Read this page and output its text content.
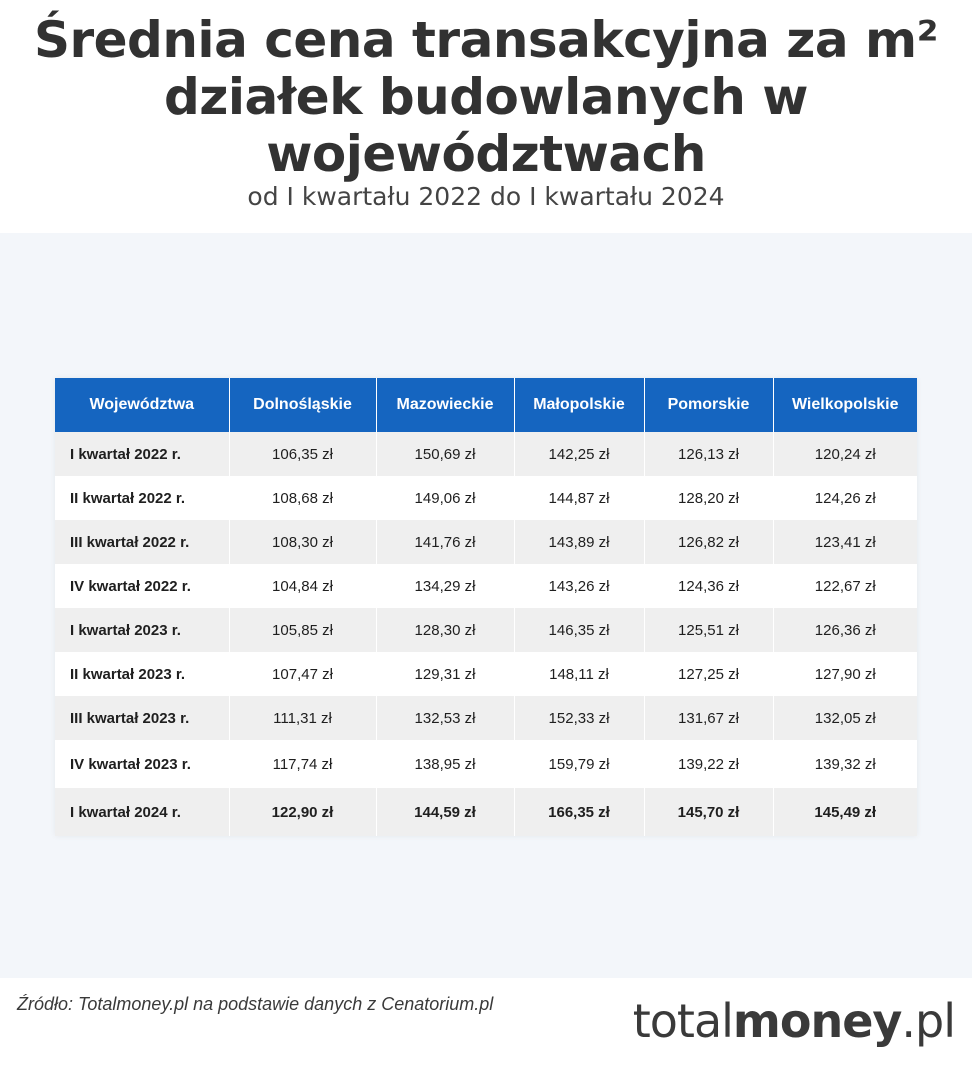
Średnia cena transakcyjna za m² działek budowlanych w województwach
od I kwartału 2022 do I kwartału 2024
Województwa	Dolnośląskie	Mazowieckie	Małopolskie	Pomorskie	Wielkopolskie
I kwartał 2022 r.	106,35 zł	150,69 zł	142,25 zł	126,13 zł	120,24 zł
II kwartał 2022 r.	108,68 zł	149,06 zł	144,87 zł	128,20 zł	124,26 zł
III kwartał 2022 r.	108,30 zł	141,76 zł	143,89 zł	126,82 zł	123,41 zł
IV kwartał 2022 r.	104,84 zł	134,29 zł	143,26 zł	124,36 zł	122,67 zł
I kwartał 2023 r.	105,85 zł	128,30 zł	146,35 zł	125,51 zł	126,36 zł
II kwartał 2023 r.	107,47 zł	129,31 zł	148,11 zł	127,25 zł	127,90 zł
III kwartał 2023 r.	111,31 zł	132,53 zł	152,33 zł	131,67 zł	132,05 zł
IV kwartał 2023 r.	117,74 zł	138,95 zł	159,79 zł	139,22 zł	139,32 zł
I kwartał 2024 r.	122,90 zł	144,59 zł	166,35 zł	145,70 zł	145,49 zł
Źródło: Totalmoney.pl na podstawie danych z Cenatorium.pl	totalmoney.pl
